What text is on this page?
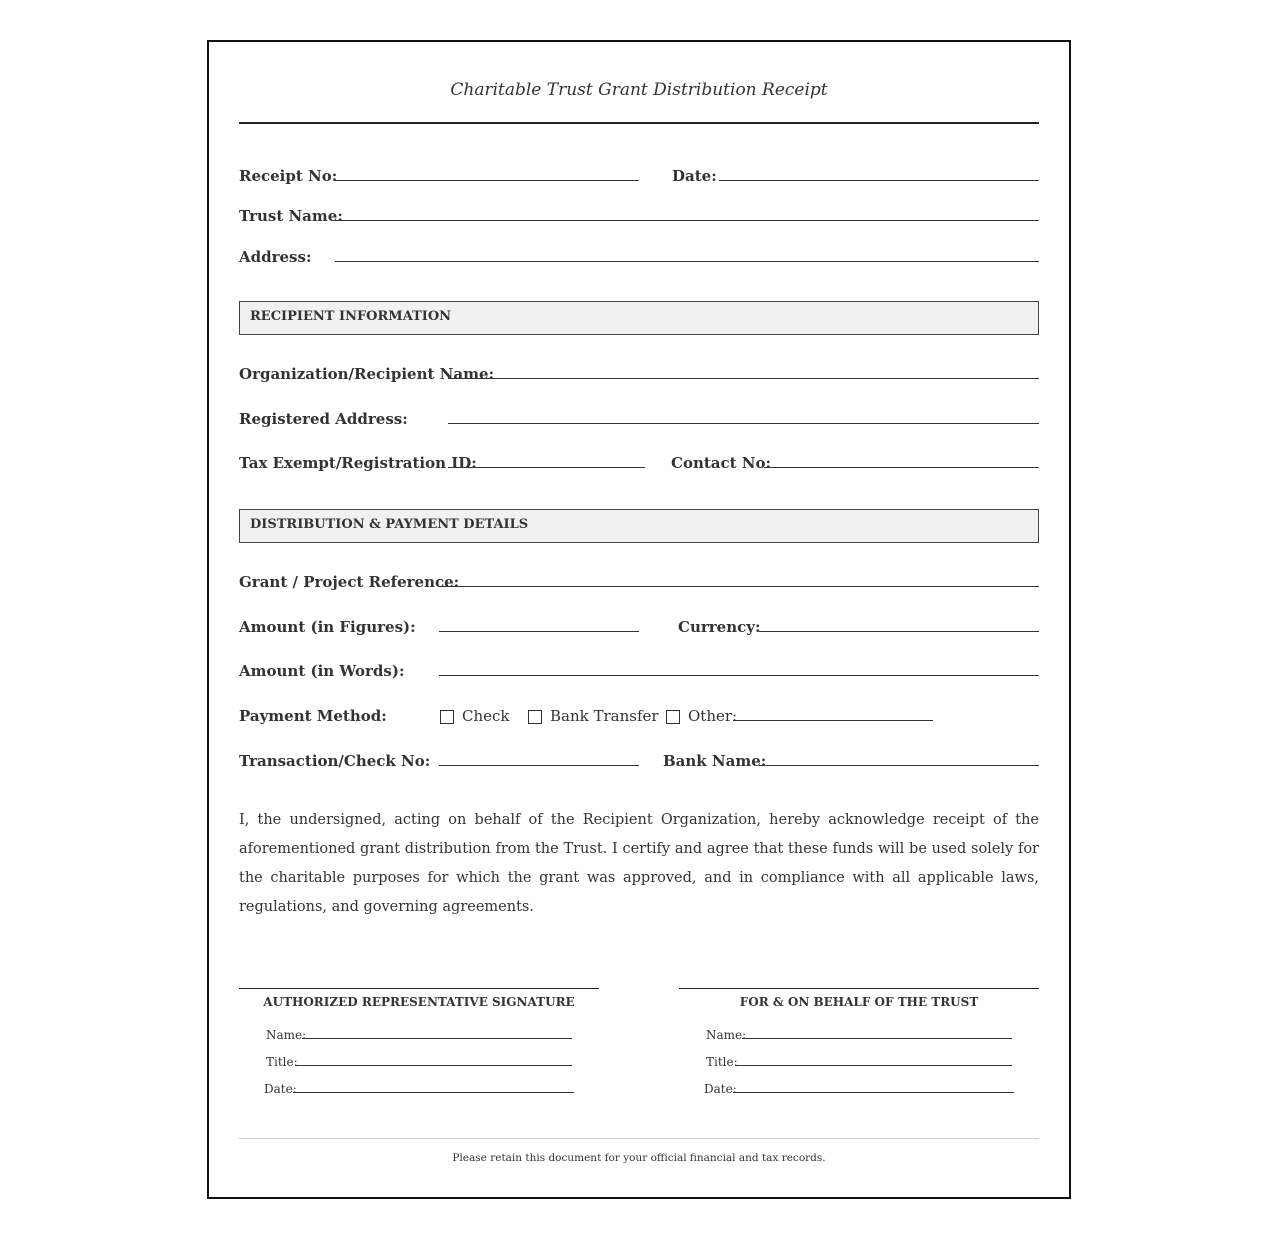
Charitable Trust Grant Distribution Receipt
Receipt No:	Date:
Trust Name:
Address:
RECIPIENT INFORMATION
Organization/Recipient Name:
Registered Address:
Tax Exempt/Registration ID:	Contact No:
DISTRIBUTION & PAYMENT DETAILS
Grant / Project Reference:
Amount (in Figures):	Currency:
Amount (in Words):
Payment Method:	Check	Bank Transfer Other:
Transaction/Check No:	Bank Name:
I, the undersigned, acting on behalf of the Recipient Organization, hereby acknowledge receipt of the aforementioned grant distribution from the Trust. I certify and agree that these funds will be used solely for the charitable purposes for which the grant was approved, and in compliance with all applicable laws, regulations, and governing agreements.
AUTHORIZED REPRESENTATIVE SIGNATURE
Name:
Title:
Date:
FOR & ON BEHALF OF THE TRUST
Name:
Title:
Date:
Please retain this document for your official financial and tax records.
